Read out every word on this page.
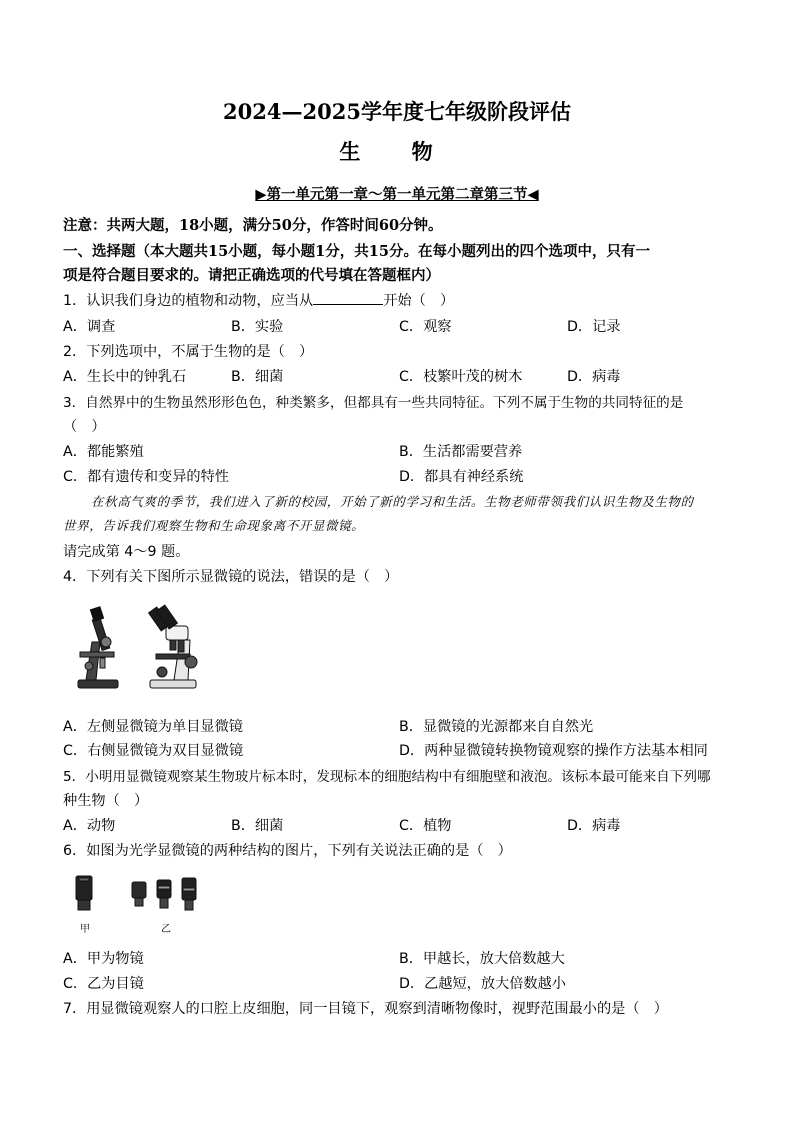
2024—2025学年度七年级阶段评估
生 物
▶第一单元第一章～第一单元第二章第三节◀
注意：共两大题，18小题，满分50分，作答时间60分钟。
一、选择题（本大题共15小题，每小题1分，共15分。在每小题列出的四个选项中，只有一
项是符合题目要求的。请把正确选项的代号填在答题框内）
1．认识我们身边的植物和动物，应当从	开始（　）
A．调查	B．实验	C．观察	D．记录
2．下列选项中，不属于生物的是（　）
A．生长中的钟乳石	B．细菌	C．枝繁叶茂的树木	D．病毒
3．自然界中的生物虽然形形色色，种类繁多，但都具有一些共同特征。下列不属于生物的共同特征的是
（　）
A．都能繁殖	B．生活都需要营养
C．都有遗传和变异的特性	D．都具有神经系统
在秋高气爽的季节，我们进入了新的校园，开始了新的学习和生活。生物老师带领我们认识生物及生物的
世界，告诉我们观察生物和生命现象离不开显微镜。
请完成第 4～9 题。
4．下列有关下图所示显微镜的说法，错误的是（　）
A．左侧显微镜为单目显微镜	B．显微镜的光源都来自自然光
C．右侧显微镜为双目显微镜	D．两种显微镜转换物镜观察的操作方法基本相同
5．小明用显微镜观察某生物玻片标本时，发现标本的细胞结构中有细胞壁和液泡。该标本最可能来自下列哪
种生物（　）
A．动物	B．细菌	C．植物	D．病毒
6．如图为光学显微镜的两种结构的图片，下列有关说法正确的是（　）
甲	乙
A．甲为物镜	B．甲越长，放大倍数越大
C．乙为目镜	D．乙越短，放大倍数越小
7．用显微镜观察人的口腔上皮细胞，同一目镜下，观察到清晰物像时，视野范围最小的是（　）
